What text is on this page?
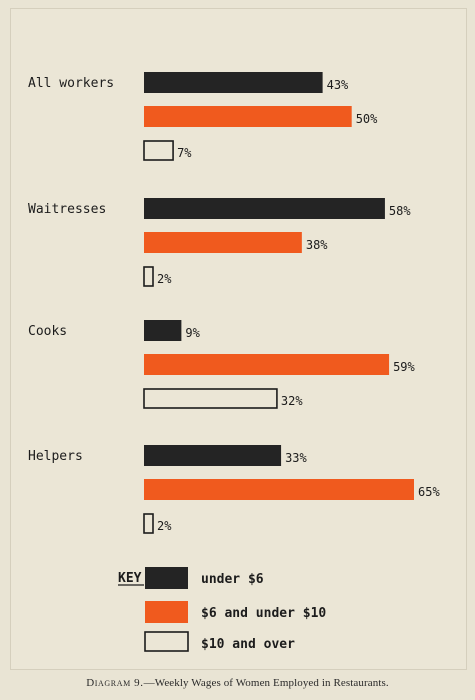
All workers	43%
50%
7%
Waitresses	58%
38%
2%
Cooks	9%
59%
32%
Helpers	33%
65%
2%
KEY	under $6
$6 and under $10
$10 and over
Diagram 9.—Weekly Wages of Women Employed in Restaurants.
